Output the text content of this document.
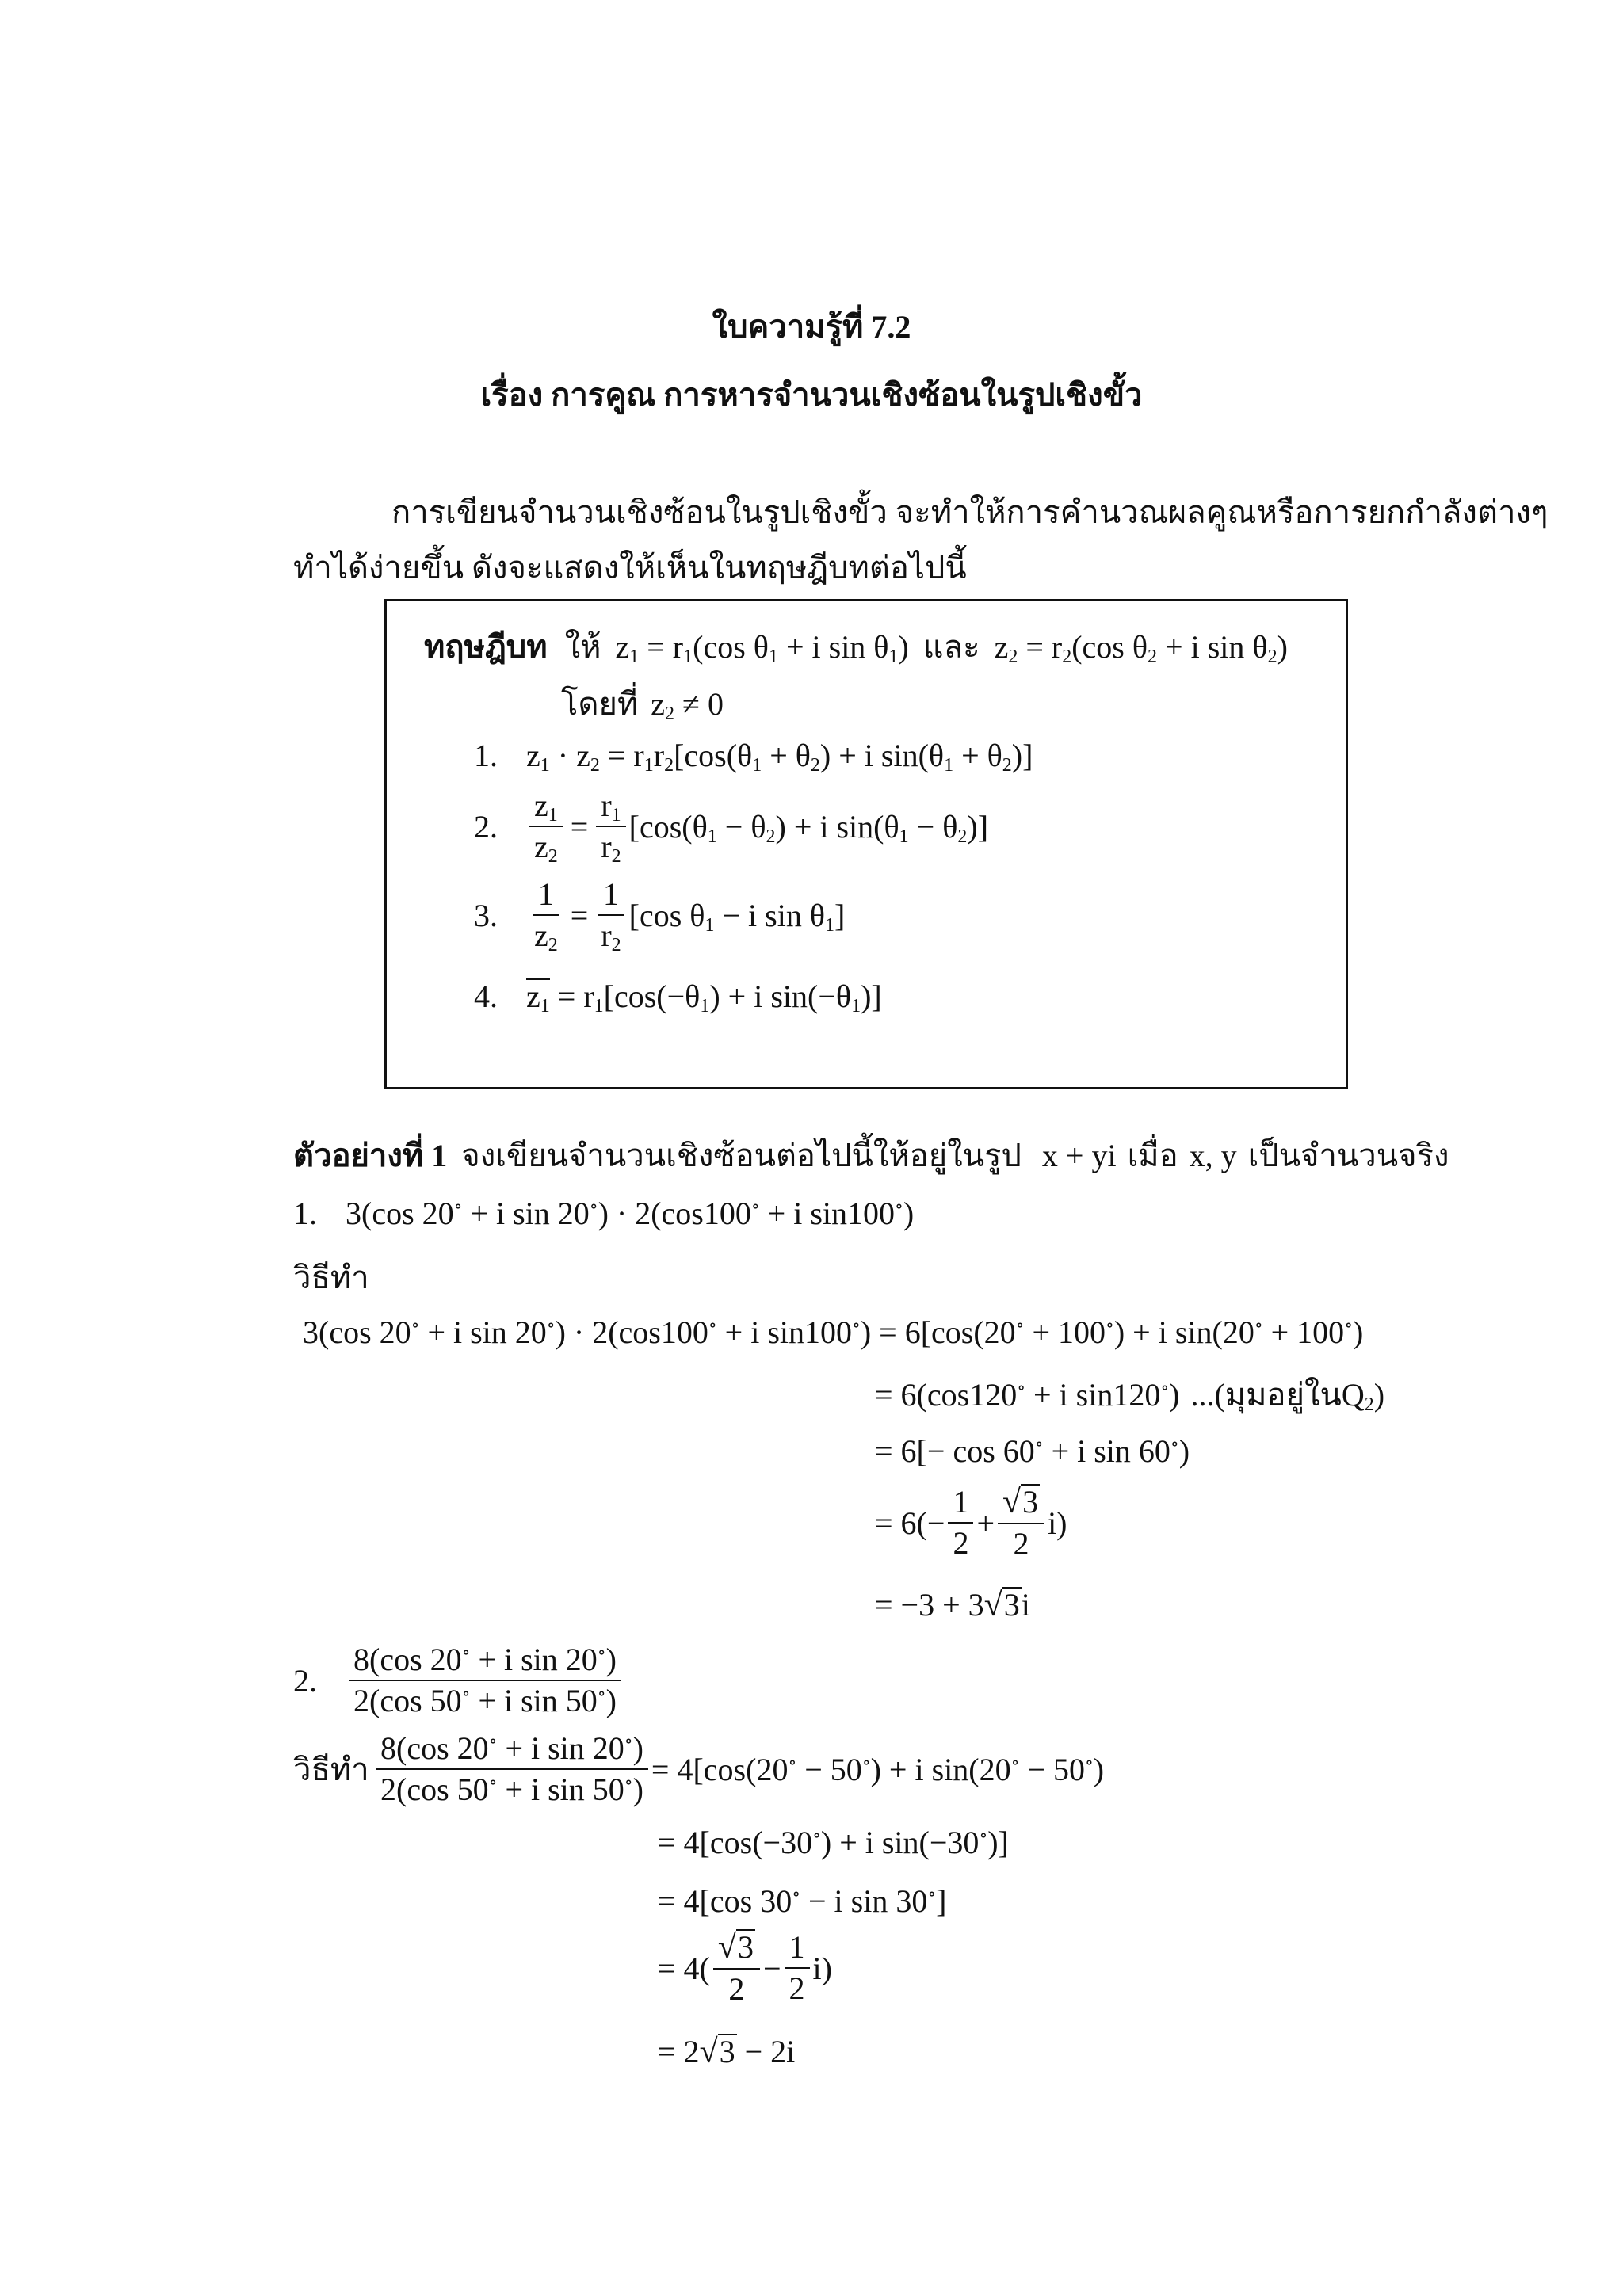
ใบความรู้ที่ 7.2
เรื่อง การคูณ การหารจำนวนเชิงซ้อนในรูปเชิงขั้ว
การเขียนจำนวนเชิงซ้อนในรูปเชิงขั้ว จะทำให้การคำนวณผลคูณหรือการยกกำลังต่างๆ
ทำได้ง่ายขึ้น ดังจะแสดงให้เห็นในทฤษฎีบทต่อไปนี้
ทฤษฎีบท ให้ $z_1 = r_1(\cos$ $\theta_1 + i$ $\sin \theta_1$) และ $z_2 = r_2(\cos$ $\theta_2 + i$ $\sin \theta_2$)
โดยที่ $z_2 \ne 0$
1. $z_1 \cdot z_2 = r_1r_2[\cos(\theta_1 + \theta_2) + i$ $\sin(\theta_1 + \theta_2)$]
2.	$\frac{z_1}{z_2} = \frac{r_1}{r_2} [\cos(\theta_1 - \theta_2) + i$ $\sin(\theta_1 - \theta_2)$]
3.	$\frac{1}{z_2} = \frac{1}{r_2} [\cos$ $\theta_1 - i$ $\sin \theta_1$]
4. $z_1 = r_1[\cos(-\theta_1) + i$ $\sin(-\theta_1)$]
ตัวอย่างที่ 1 จงเขียนจำนวนเชิงซ้อนต่อไปนี้ให้อยู่ในรูป x + yi เมื่อ x, y เป็นจำนวนจริง
1. 3(cos 20∘ + i sin 20∘) · 2(cos100∘ + i sin100∘)
วิธีทำ
3(cos 20∘ + i sin 20∘) · 2(cos100∘ + i sin100∘) = 6[cos(20∘ + 100∘) + i sin(20∘ + 100∘)
= 6(cos120∘ + i sin120∘) ...(มุมอยู่ใน $Q_2$)
= 6[− cos 60∘ + i sin 60∘)
= $6(- \frac{1}{2} + \frac{√3}{2} i)$
= −3 + 3√3i
2.	$\frac{8(\cos 20^\circ + i \sin 20^\circ)}{2(\cos 50^\circ + i \sin 50^\circ)}$
วิธีทำ $\frac{8(\cos 20^\circ + i \sin 20^\circ)}{2(\cos 50^\circ + i \sin 50^\circ)} = 4[\cos(20^\circ - 50^\circ) + i$ sin(20∘ − 50∘)
= 4[cos(−30∘) + i sin(−30∘)]
= 4[cos 30∘ − i sin 30∘]
= $4( \frac{√3}{2} - \frac{1}{2} i)$
= 2√3 − 2i
